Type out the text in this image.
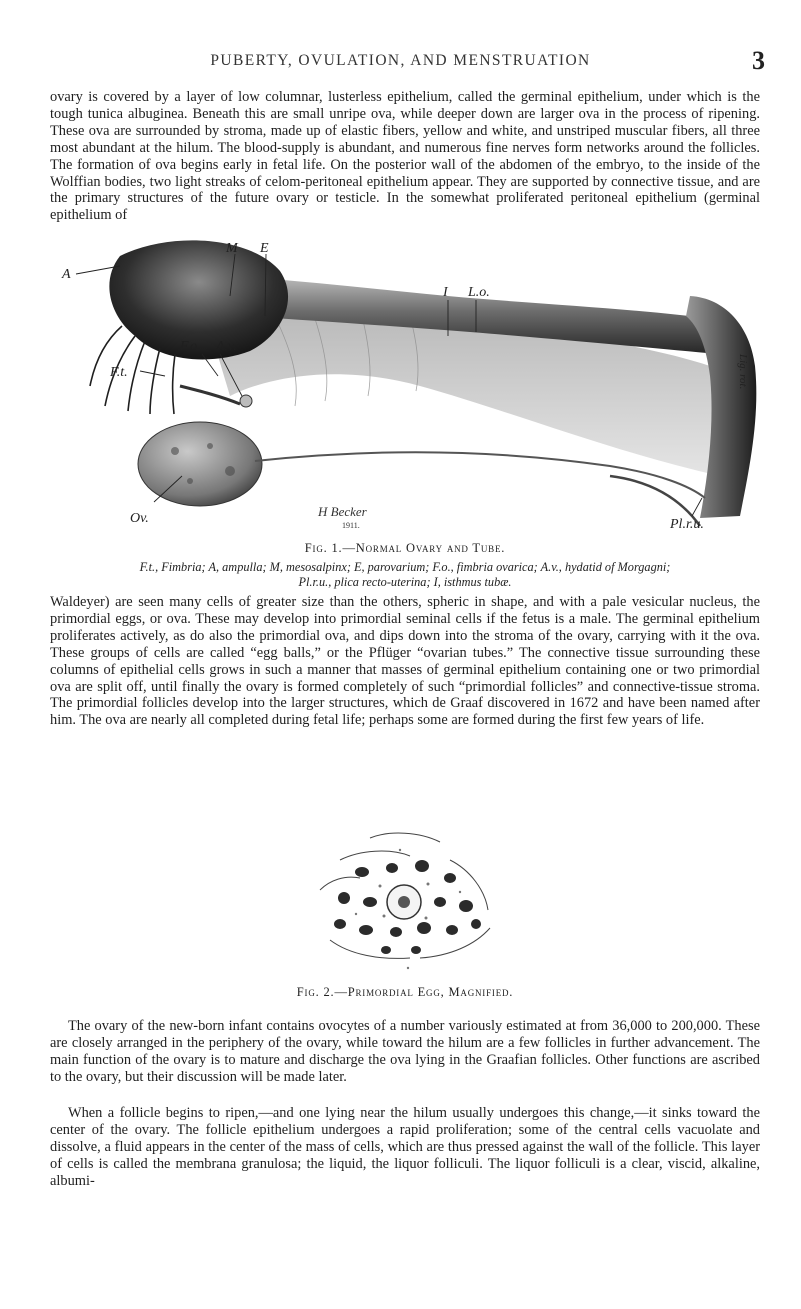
PUBERTY, OVULATION, AND MENSTRUATION	3

ovary is covered by a layer of low columnar, lusterless epithelium, called the germinal epithelium, under which is the tough tunica albuginea. Beneath this are small unripe ova, while deeper down are larger ova in the process of ripening. These ova are surrounded by stroma, made up of elastic fibers, yellow and white, and unstriped muscular fibers, all three most abundant at the hilum. The blood-supply is abundant, and numerous fine nerves form networks around the follicles. The formation of ova begins early in fetal life. On the posterior wall of the abdomen of the embryo, to the inside of the Wolffian bodies, two light streaks of celom-peritoneal epithelium appear. They are supported by connective tissue, and are the primary structures of the future ovary or testicle. In the somewhat proliferated peritoneal epithelium (germinal epithelium of

Lig. rot.
A
M E
I L.o.
F.t.
F.o. A.v.
Ov.	Pl.r.u.
H Becker
1911.
Fig. 1.—Normal Ovary and Tube.
F.t., Fimbria; A, ampulla; M, mesosalpinx; E, parovarium; F.o., fimbria ovarica; A.v., hydatid of Morgagni;
Pl.r.u., plica recto-uterina; I, isthmus tubæ.

Waldeyer) are seen many cells of greater size than the others, spheric in shape, and with a pale vesicular nucleus, the primordial eggs, or ova. These may develop into primordial seminal cells if the fetus is a male. The germinal epithelium proliferates actively, as do also the primordial ova, and dips down into the stroma of the ovary, carrying with it the ova. These groups of cells are called “egg balls,” or the Pflüger “ovarian tubes.” The connective tissue surrounding these columns of epithelial cells grows in such a manner that masses of germinal epithelium containing one or two primordial ova are split off, until finally the ovary is formed completely of such “primordial follicles” and connective-tissue stroma. The primordial follicles develop into the larger structures, which de Graaf discovered in 1672 and have been named after him. The ova are nearly all completed during fetal life; perhaps some are formed during the first few years of life.

Fig. 2.—Primordial Egg, Magnified.

The ovary of the new-born infant contains ovocytes of a number variously estimated at from 36,000 to 200,000. These are closely arranged in the periphery of the ovary, while toward the hilum are a few follicles in further advancement. The main function of the ovary is to mature and discharge the ova lying in the Graafian follicles. Other functions are ascribed to the ovary, but their discussion will be made later.

When a follicle begins to ripen,—and one lying near the hilum usually undergoes this change,—it sinks toward the center of the ovary. The follicle epithelium undergoes a rapid proliferation; some of the central cells vacuolate and dissolve, a fluid appears in the center of the mass of cells, which are thus pressed against the wall of the follicle. This layer of cells is called the membrana granulosa; the liquid, the liquor folliculi. The liquor folliculi is a clear, viscid, alkaline, albumi-
